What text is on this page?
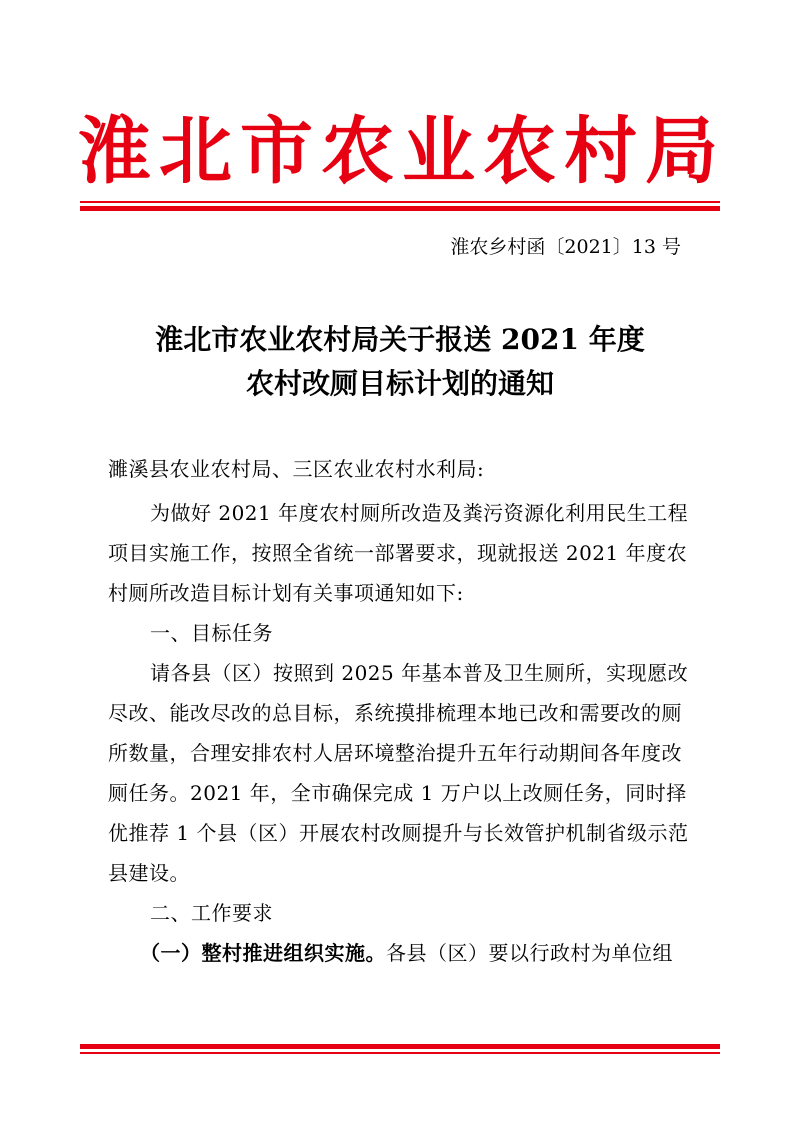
淮 北 市 农 业 农 村 局
淮农乡村函〔2021〕13 号
淮北市农业农村局关于报送 2021 年度
农村改厕目标计划的通知
濉溪县农业农村局、三区农业农村水利局:
为做好 2021 年度农村厕所改造及粪污资源化利用民生工程
项目实施工作，按照全省统一部署要求，现就报送 2021 年度农
村厕所改造目标计划有关事项通知如下:
一、目标任务
请各县（区）按照到 2025 年基本普及卫生厕所，实现愿改
尽改、能改尽改的总目标，系统摸排梳理本地已改和需要改的厕
所数量，合理安排农村人居环境整治提升五年行动期间各年度改
厕任务。2021 年，全市确保完成 1 万户以上改厕任务，同时择
优推荐 1 个县（区）开展农村改厕提升与长效管护机制省级示范
县建设。
二、工作要求
（一）整村推进组织实施。各县（区）要以行政村为单位组
